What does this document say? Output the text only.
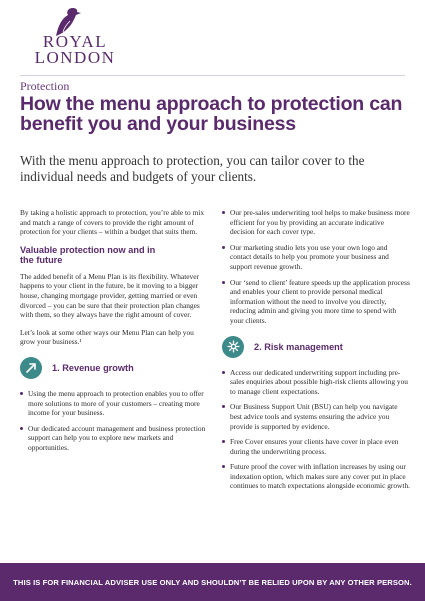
ROYAL
LONDON
Protection
How the menu approach to protection can benefit you and your business

With the menu approach to protection, you can tailor cover to the individual needs and budgets of your clients.

By taking a holistic approach to protection, you’re able to mix and match a range of covers to provide the right amount of protection for your clients – within a budget that suits them.

Valuable protection now and in the future

The added benefit of a Menu Plan is its flexibility. Whatever happens to your client in the future, be it moving to a bigger house, changing mortgage provider, getting married or even divorced – you can be sure that their protection plan changes with them, so they always have the right amount of cover.

Let’s look at some other ways our Menu Plan can help you grow your business.¹

1. Revenue growth
Using the menu approach to protection enables you to offer more solutions to more of your customers – creating more income for your business.
Our dedicated account management and business protection support can help you to explore new markets and opportunities.
Our pre-sales underwriting tool helps to make business more efficient for you by providing an accurate indicative decision for each cover type.
Our marketing studio lets you use your own logo and contact details to help you promote your business and support revenue growth.
Our ‘send to client’ feature speeds up the application process and enables your client to provide personal medical information without the need to involve you directly, reducing admin and giving you more time to spend with your clients.
2. Risk management
Access our dedicated underwriting support including pre-sales enquiries about possible high-risk clients allowing you to manage client expectations.
Our Business Support Unit (BSU) can help you navigate best advice tools and systems ensuring the advice you provide is supported by evidence.
Free Cover ensures your clients have cover in place even during the underwriting process.
Future proof the cover with inflation increases by using our indexation option, which makes sure any cover put in place continues to match expectations alongside economic growth.
THIS IS FOR FINANCIAL ADVISER USE ONLY AND SHOULDN’T BE RELIED UPON BY ANY OTHER PERSON.
